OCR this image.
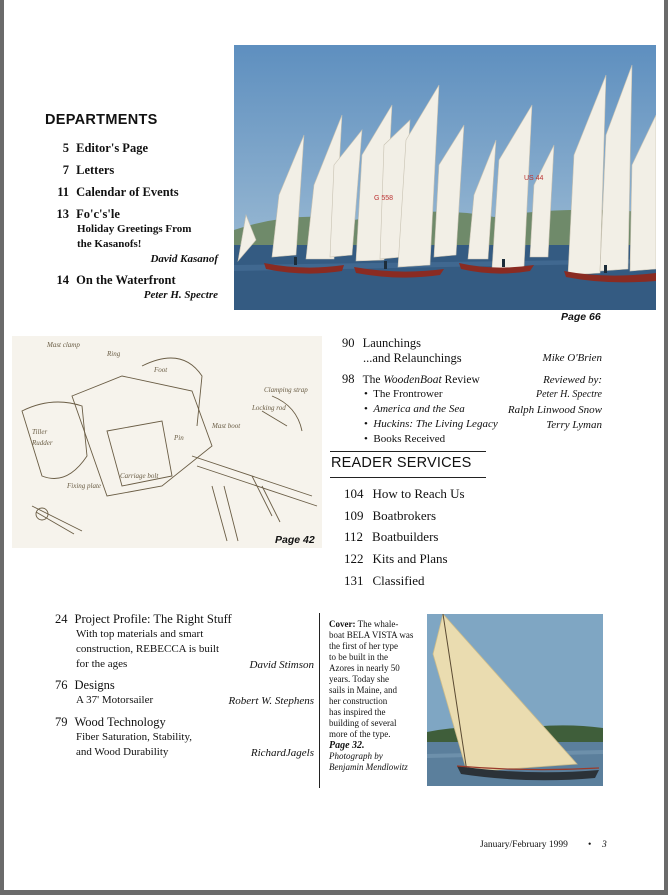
DEPARTMENTS
5 Editor's Page
7 Letters
11 Calendar of Events
13 Fo'c's'le
Holiday Greetings From
the Kasanofs!
David Kasanof
14 On the Waterfront
Peter H. Spectre
G 558
US 44
Page 66
Mast clamp
Ring
Foot
Clamping strap
Locking rod
Mast boot
Tiller
Rudder
Pin
Carriage bolt
Fixing plate
Page 42
90 Launchings
...and Relaunchings	Mike O'Brien
98 The WoodenBoat Review	Reviewed by:
•  The Frontrower	Peter H. Spectre
•  America and the Sea	Ralph Linwood Snow
•  Huckins: The Living Legacy	Terry Lyman
•  Books Received
READER SERVICES
104 How to Reach Us
109 Boatbrokers
112 Boatbuilders
122 Kits and Plans
131 Classified
24 Project Profile: The Right Stuff
With top materials and smart
construction, REBECCA is built
for the ages	David Stimson
76 Designs
A 37' Motorsailer	Robert W. Stephens
79 Wood Technology
Fiber Saturation, Stability,
and Wood Durability	RichardJagels
Cover: The whale-
boat BELA VISTA was
the first of her type
to be built in the
Azores in nearly 50
years. Today she
sails in Maine, and
her construction
has inspired the
building of several
more of the type.
Page 32.
Photograph by
Benjamin Mendlowitz
January/February 1999 • 3
